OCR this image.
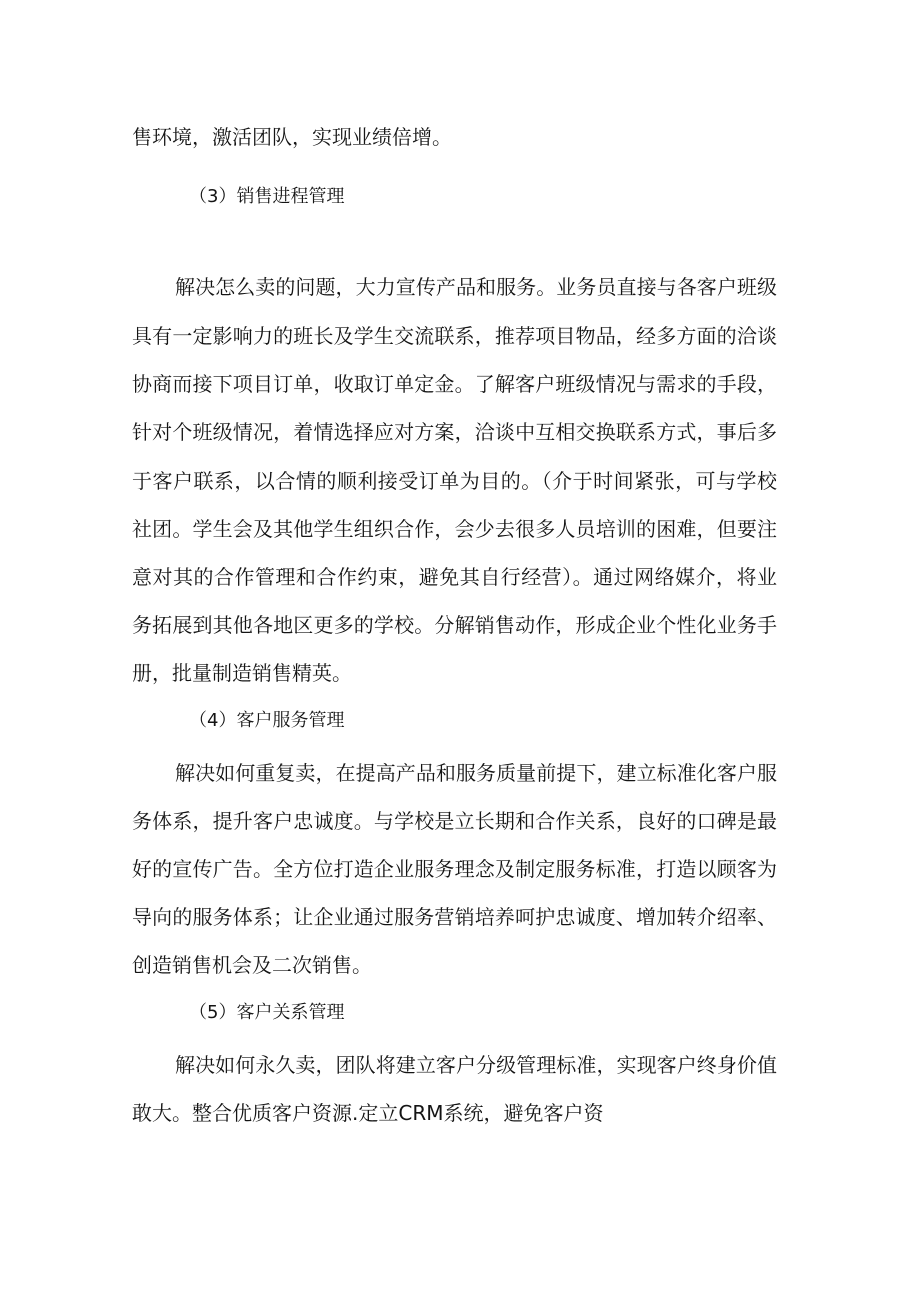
售环境，激活团队，实现业绩倍增。
（3）销售进程管理
解决怎么卖的问题，大力宣传产品和服务。业务员直接与各客户班级
具有一定影响力的班长及学生交流联系，推荐项目物品，经多方面的洽谈
协商而接下项目订单，收取订单定金。了解客户班级情况与需求的手段，
针对个班级情况，着情选择应对方案，洽谈中互相交换联系方式，事后多
于客户联系，以合情的顺利接受订单为目的。（介于时间紧张，可与学校
社团。学生会及其他学生组织合作，会少去很多人员培训的困难，但要注
意对其的合作管理和合作约束，避免其自行经营）。通过网络媒介，将业
务拓展到其他各地区更多的学校。分解销售动作，形成企业个性化业务手
册，批量制造销售精英。
（4）客户服务管理
解决如何重复卖，在提高产品和服务质量前提下，建立标准化客户服
务体系，提升客户忠诚度。与学校是立长期和合作关系，良好的口碑是最
好的宣传广告。全方位打造企业服务理念及制定服务标准，打造以顾客为
导向的服务体系；让企业通过服务营销培养呵护忠诚度、增加转介绍率、
创造销售机会及二次销售。
（5）客户关系管理
解决如何永久卖，团队将建立客户分级管理标准，实现客户终身价值
敢大。整合优质客户资源.定立CRM系统，避免客户资
